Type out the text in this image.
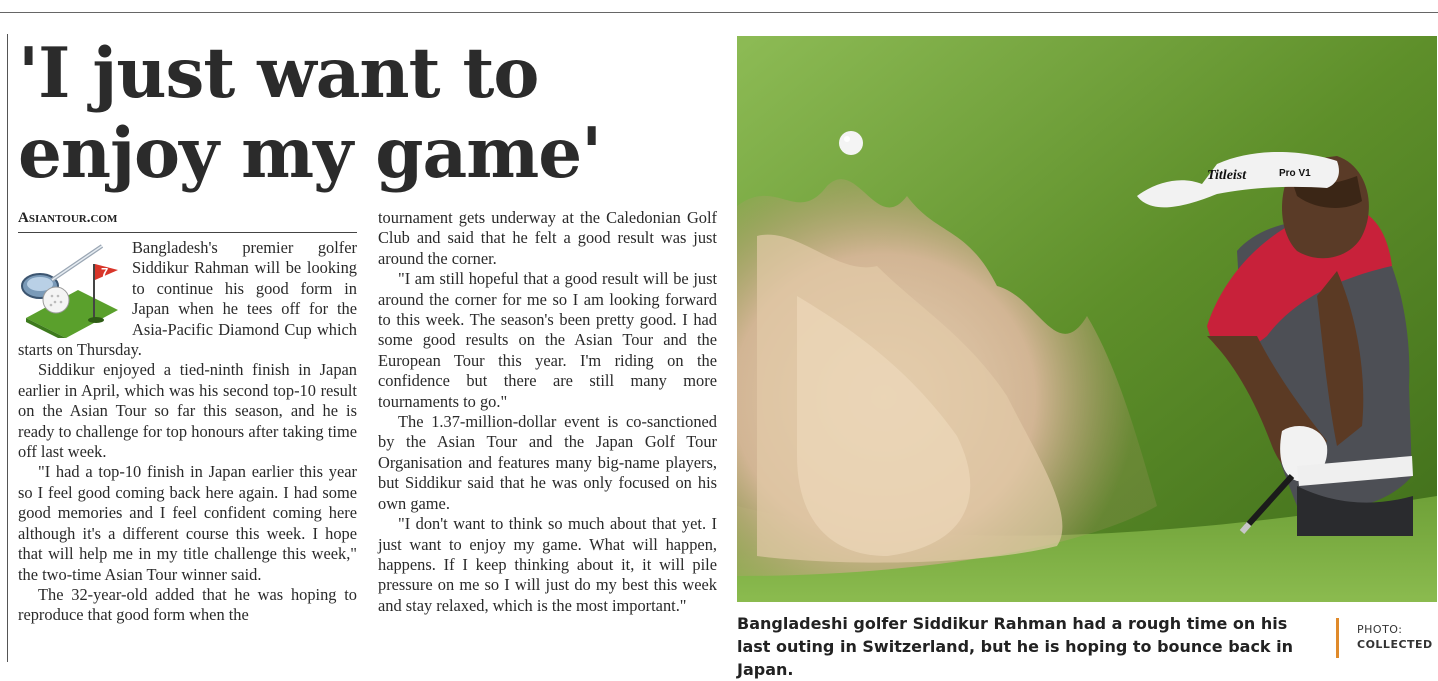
'I just want to
enjoy my game'
Asiantour.com
7

Bangladesh's premier golfer Siddikur Rahman will be looking to continue his good form in Japan when he tees off for the Asia-Pacific Diamond Cup which starts on Thursday.

Siddikur enjoyed a tied-ninth finish in Japan earlier in April, which was his second top-10 result on the Asian Tour so far this season, and he is ready to challenge for top honours after taking time off last week.

"I had a top-10 finish in Japan earlier this year so I feel good coming back here again. I had some good memories and I feel confident coming here although it's a different course this week. I hope that will help me in my title challenge this week," the two-time Asian Tour winner said.

The 32-year-old added that he was hoping to reproduce that good form when the

tournament gets underway at the Caledonian Golf Club and said that he felt a good result was just around the corner.

"I am still hopeful that a good result will be just around the corner for me so I am looking forward to this week. The season's been pretty good. I had some good results on the Asian Tour and the European Tour this year. I'm riding on the confidence but there are still many more tournaments to go."

The 1.37-million-dollar event is co-sanctioned by the Asian Tour and the Japan Golf Tour Organisation and features many big-name players, but Siddikur said that he was only focused on his own game.

"I don't want to think so much about that yet. I just want to enjoy my game. What will happen, happens. If I keep thinking about it, it will pile pressure on me so I will just do my best this week and stay relaxed, which is the most important."

Titleist	Pro V1
Bangladeshi golfer Siddikur Rahman had a rough time on his last outing in Switzerland, but he is hoping to bounce back in Japan.
PHOTO:
COLLECTED
